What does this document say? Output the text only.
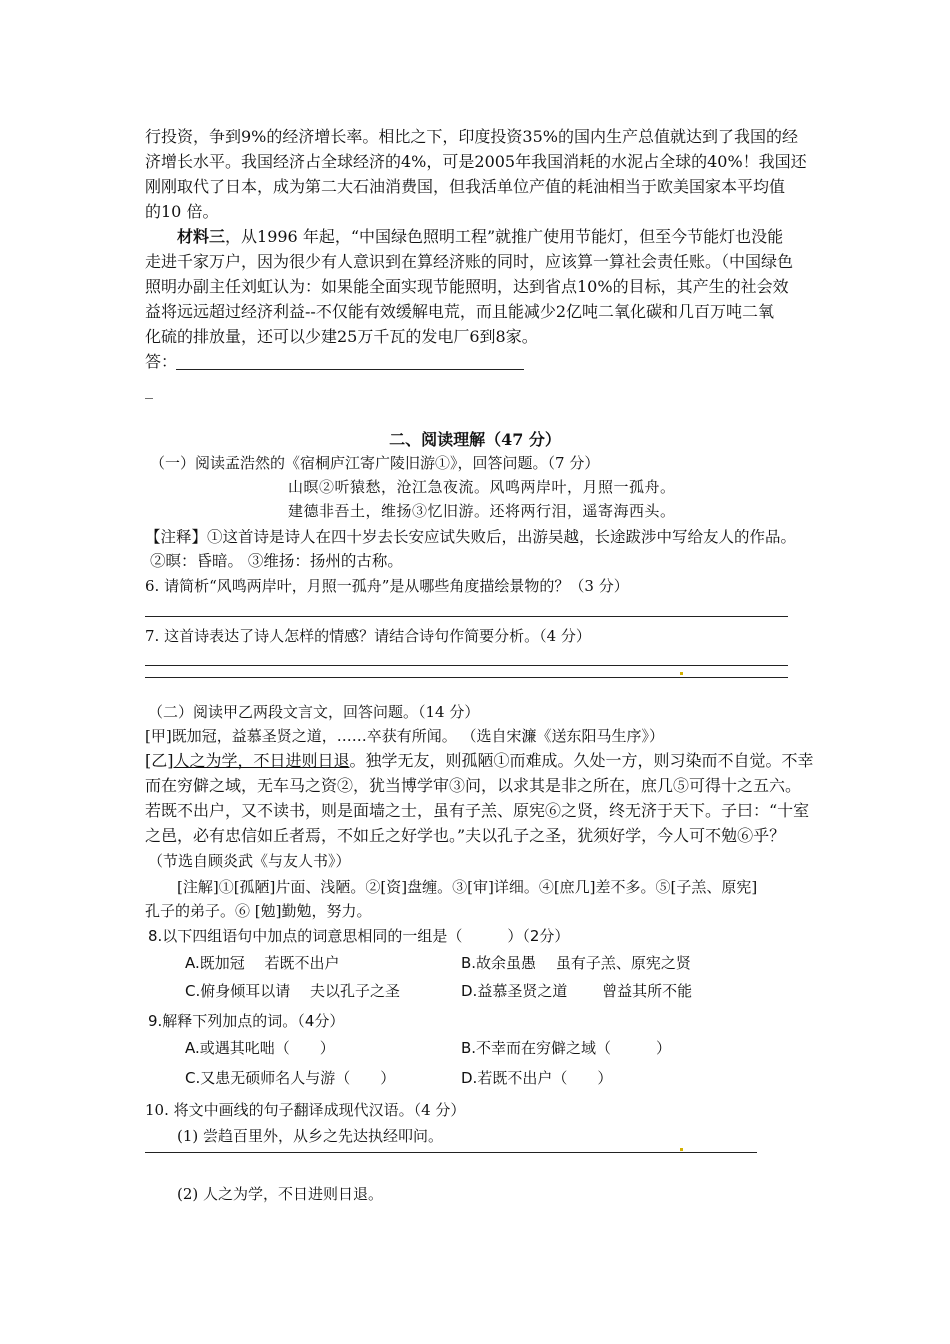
行投资，争到9%的经济增长率。相比之下，印度投资35%的国内生产总值就达到了我国的经
济增长水平。我国经济占全球经济的4%，可是2005年我国消耗的水泥占全球的40%！我国还
刚刚取代了日本，成为第二大石油消费国，但我活单位产值的耗油相当于欧美国家本平均值
的10 倍。
材料三，从1996 年起，“中国绿色照明工程”就推广使用节能灯，但至今节能灯也没能
走进千家万户，因为很少有人意识到在算经济账的同时，应该算一算社会责任账。（中国绿色
照明办副主任刘虹认为：如果能全面实现节能照明，达到省点10%的目标，其产生的社会效
益将远远超过经济利益--不仅能有效缓解电荒，而且能减少2亿吨二氧化碳和几百万吨二氧
化硫的排放量，还可以少建25万千瓦的发电厂6到8家。
答：
_
二、阅读理解（47 分）
（一）阅读孟浩然的《宿桐庐江寄广陵旧游①》，回答问题。（7 分）
山暝②听猿愁，沧江急夜流。风鸣两岸叶，月照一孤舟。
建德非吾土，维扬③忆旧游。还将两行泪，遥寄海西头。
【注释】①这首诗是诗人在四十岁去长安应试失败后，出游吴越，长途跋涉中写给友人的作品。
②暝：昏暗。 ③维扬：扬州的古称。
6. 请简析“风鸣两岸叶，月照一孤舟”是从哪些角度描绘景物的？（3 分）
7. 这首诗表达了诗人怎样的情感？请结合诗句作简要分析。（4 分）
（二）阅读甲乙两段文言文，回答问题。（14 分）
[甲]既加冠，益慕圣贤之道，……卒获有所闻。 （选自宋濂《送东阳马生序》）
[乙]人之为学，不日进则日退。独学无友，则孤陋①而难成。久处一方，则习染而不自觉。不幸
而在穷僻之域，无车马之资②，犹当博学审③问，以求其是非之所在，庶几⑤可得十之五六。
若既不出户，又不读书，则是面墙之士，虽有子羔、原宪⑥之贤，终无济于天下。子曰：“十室
之邑，必有忠信如丘者焉，不如丘之好学也。”夫以孔子之圣，犹须好学，今人可不勉⑥乎？
（节选自顾炎武《与友人书》）
[注解]①[孤陋]片面、浅陋。②[资]盘缠。③[审]详细。④[庶几]差不多。⑤[子羔、原宪]
孔子的弟子。⑥ [勉]勤勉，努力。
8.以下四组语句中加点的词意思相同的一组是（　　　）（2分）
A.既加冠　 若既不出户	B.故余虽愚　 虽有子羔、原宪之贤
C.俯身倾耳以请　 夫以孔子之圣	D.益慕圣贤之道　　 曾益其所不能
9.解释下列加点的词。（4分）
A.或遇其叱咄（　　）	B.不幸而在穷僻之域（　　　）
C.又患无硕师名人与游（　　）	D.若既不出户（　　）
10. 将文中画线的句子翻译成现代汉语。（4 分）
(1) 尝趋百里外，从乡之先达执经叩问。
(2) 人之为学，不日进则日退。
